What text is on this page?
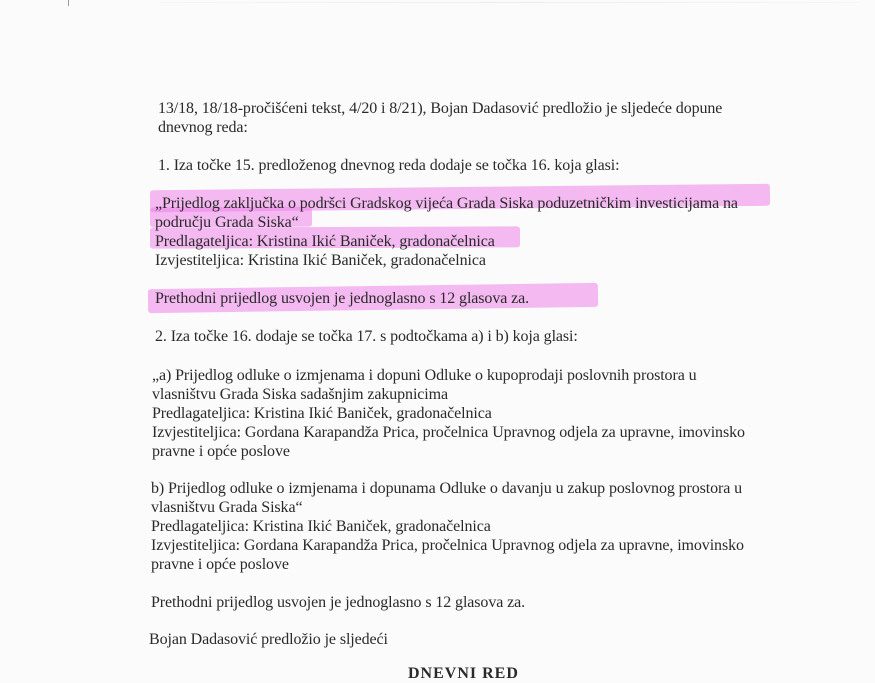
13/18, 18/18-pročišćeni tekst, 4/20 i 8/21), Bojan Dadasović predložio je sljedeće dopune
dnevnog reda:
1. Iza točke 15. predloženog dnevnog reda dodaje se točka 16. koja glasi:
„Prijedlog zaključka o podršci Gradskog vijeća Grada Siska poduzetničkim investicijama na
području Grada Siska“
Predlagateljica: Kristina Ikić Baniček, gradonačelnica
Izvjestiteljica: Kristina Ikić Baniček, gradonačelnica
Prethodni prijedlog usvojen je jednoglasno s 12 glasova za.
2. Iza točke 16. dodaje se točka 17. s podtočkama a) i b) koja glasi:
„a) Prijedlog odluke o izmjenama i dopuni Odluke o kupoprodaji poslovnih prostora u
vlasništvu Grada Siska sadašnjim zakupnicima
Predlagateljica: Kristina Ikić Baniček, gradonačelnica
Izvjestiteljica: Gordana Karapandža Prica, pročelnica Upravnog odjela za upravne, imovinsko
pravne i opće poslove
b) Prijedlog odluke o izmjenama i dopunama Odluke o davanju u zakup poslovnog prostora u
vlasništvu Grada Siska“
Predlagateljica: Kristina Ikić Baniček, gradonačelnica
Izvjestiteljica: Gordana Karapandža Prica, pročelnica Upravnog odjela za upravne, imovinsko
pravne i opće poslove
Prethodni prijedlog usvojen je jednoglasno s 12 glasova za.
Bojan Dadasović predložio je sljedeći
DNEVNI RED
